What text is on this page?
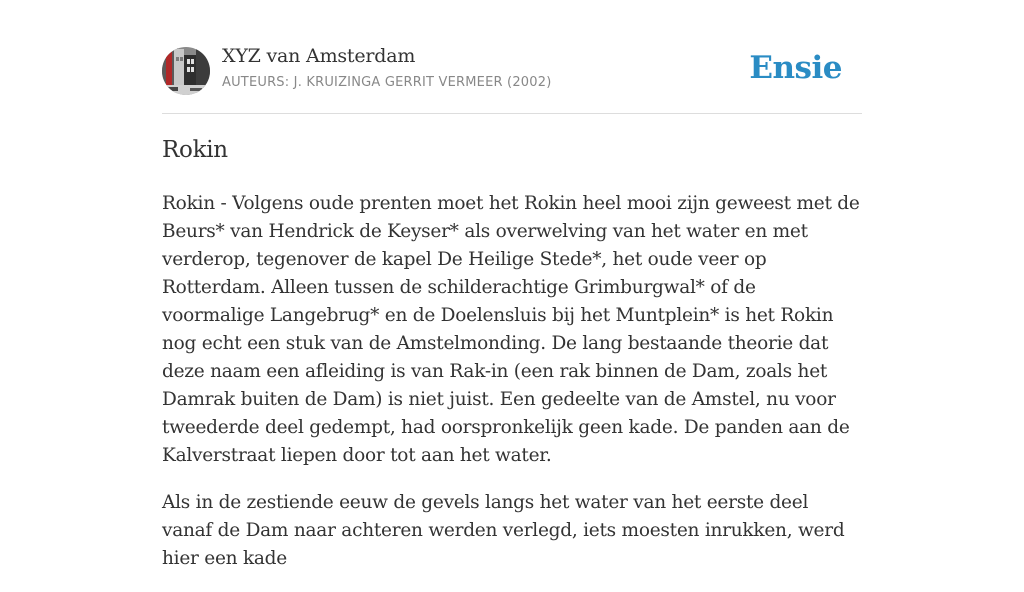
XYZ van Amsterdam
AUTEURS: J. KRUIZINGA GERRIT VERMEER (2002)	Ensie
Rokin

Rokin - Volgens oude prenten moet het Rokin heel mooi zijn geweest met de Beurs* van Hendrick de Keyser* als overwelving van het water en met verderop, tegenover de kapel De Heilige Stede*, het oude veer op Rotterdam. Alleen tussen de schilderachtige Grimburgwal* of de voormalige Langebrug* en de Doelensluis bij het Muntplein* is het Rokin nog echt een stuk van de Amstelmonding. De lang bestaande theorie dat deze naam een afleiding is van Rak-in (een rak binnen de Dam, zoals het Damrak buiten de Dam) is niet juist. Een gedeelte van de Amstel, nu voor tweederde deel gedempt, had oorspronkelijk geen kade. De panden aan de Kalverstraat liepen door tot aan het water.

Als in de zestiende eeuw de gevels langs het water van het eerste deel vanaf de Dam naar achteren werden verlegd, iets moesten inrukken, werd hier een kade
